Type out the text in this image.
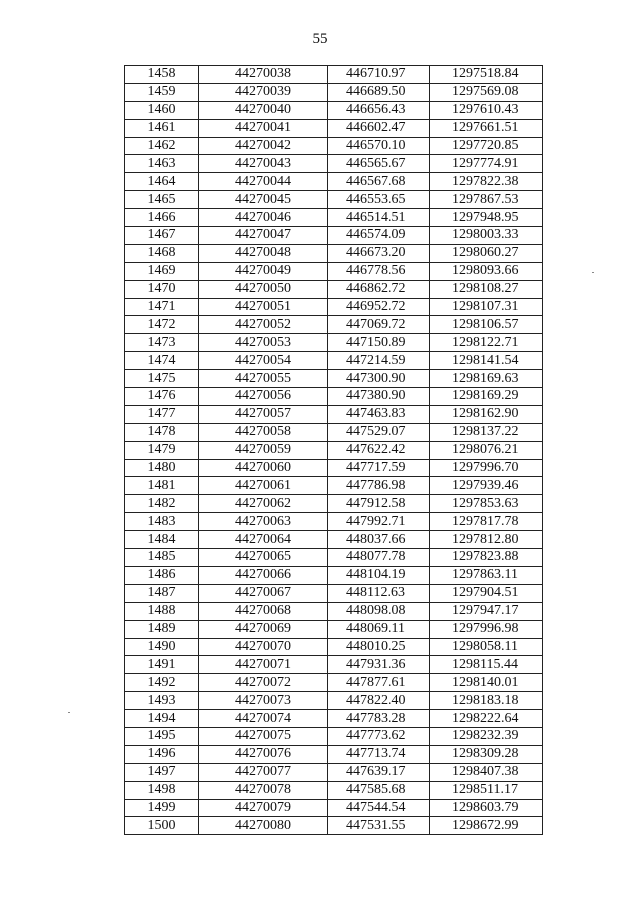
55
1458	44270038	446710.97	1297518.84
1459	44270039	446689.50	1297569.08
1460	44270040	446656.43	1297610.43
1461	44270041	446602.47	1297661.51
1462	44270042	446570.10	1297720.85
1463	44270043	446565.67	1297774.91
1464	44270044	446567.68	1297822.38
1465	44270045	446553.65	1297867.53
1466	44270046	446514.51	1297948.95
1467	44270047	446574.09	1298003.33
1468	44270048	446673.20	1298060.27
1469	44270049	446778.56	1298093.66
1470	44270050	446862.72	1298108.27
1471	44270051	446952.72	1298107.31
1472	44270052	447069.72	1298106.57
1473	44270053	447150.89	1298122.71
1474	44270054	447214.59	1298141.54
1475	44270055	447300.90	1298169.63
1476	44270056	447380.90	1298169.29
1477	44270057	447463.83	1298162.90
1478	44270058	447529.07	1298137.22
1479	44270059	447622.42	1298076.21
1480	44270060	447717.59	1297996.70
1481	44270061	447786.98	1297939.46
1482	44270062	447912.58	1297853.63
1483	44270063	447992.71	1297817.78
1484	44270064	448037.66	1297812.80
1485	44270065	448077.78	1297823.88
1486	44270066	448104.19	1297863.11
1487	44270067	448112.63	1297904.51
1488	44270068	448098.08	1297947.17
1489	44270069	448069.11	1297996.98
1490	44270070	448010.25	1298058.11
1491	44270071	447931.36	1298115.44
1492	44270072	447877.61	1298140.01
1493	44270073	447822.40	1298183.18
1494	44270074	447783.28	1298222.64
1495	44270075	447773.62	1298232.39
1496	44270076	447713.74	1298309.28
1497	44270077	447639.17	1298407.38
1498	44270078	447585.68	1298511.17
1499	44270079	447544.54	1298603.79
1500	44270080	447531.55	1298672.99
